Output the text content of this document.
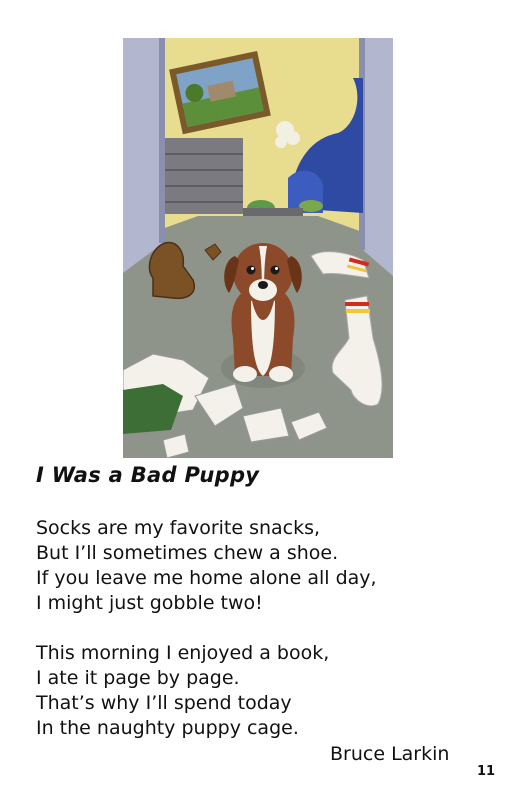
I Was a Bad Puppy
Socks are my favorite snacks,
But I’ll sometimes chew a shoe.
If you leave me home alone all day,
I might just gobble two!
This morning I enjoyed a book,
I ate it page by page.
That’s why I’ll spend today
In the naughty puppy cage.
Bruce Larkin
11
